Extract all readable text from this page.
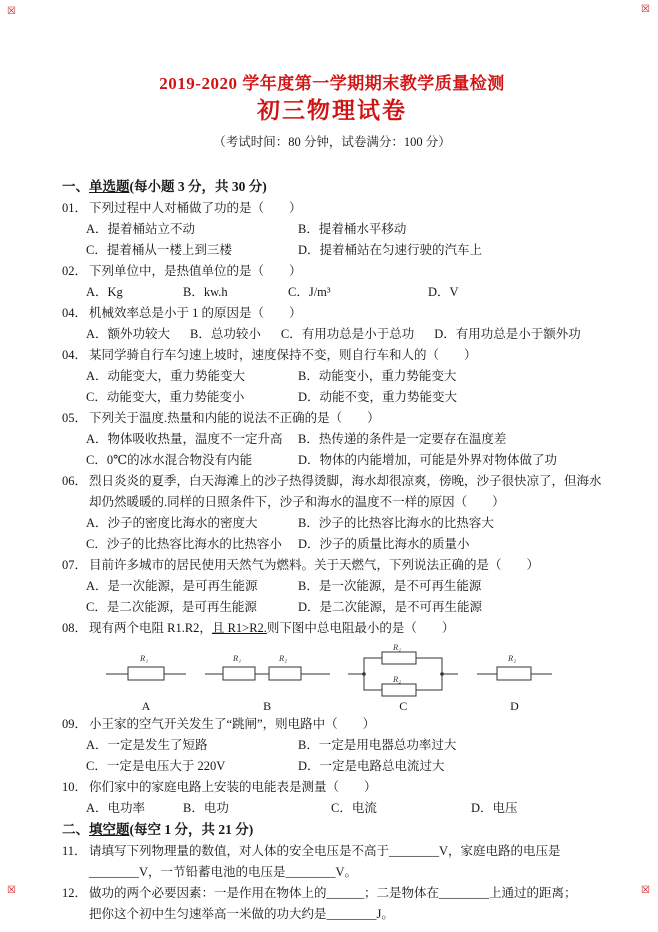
☒	☒
☒	☒
2019-2020 学年度第一学期期末教学质量检测
初三物理试卷
（考试时间：80 分钟，试卷满分：100 分）
一、单选题(每小题 3 分，共 30 分)
01． 下列过程中人对桶做了功的是（　　）
A．提着桶站立不动	B．提着桶水平移动
C．提着桶从一楼上到三楼	D．提着桶站在匀速行驶的汽车上
02． 下列单位中，是热值单位的是（　　）
A．Kg	B．kw.h	C．J/m³	D．V
04． 机械效率总是小于 1 的原因是（　　）
A．额外功较大 B．总功较小 C．有用功总是小于总功 D．有用功总是小于额外功
04． 某同学骑自行车匀速上坡时，速度保持不变，则自行车和人的（　　）
A．动能变大，重力势能变大	B．动能变小，重力势能变大
C．动能变大，重力势能变小	D．动能不变，重力势能变大
05． 下列关于温度.热量和内能的说法不正确的是（　　）
A．物体吸收热量，温度不一定升高	B．热传递的条件是一定要存在温度差
C．0℃的冰水混合物没有内能	D．物体的内能增加，可能是外界对物体做了功
06． 烈日炎炎的夏季，白天海滩上的沙子热得烫脚，海水却很凉爽，傍晚，沙子很快凉了，但海水却仍然暖暖的.同样的日照条件下，沙子和海水的温度不一样的原因（　　）
A．沙子的密度比海水的密度大	B．沙子的比热容比海水的比热容大
C．沙子的比热容比海水的比热容小	D．沙子的质量比海水的质量小
07． 目前许多城市的居民使用天然气为燃料。关于天燃气，下列说法正确的是（　　）
A．是一次能源，是可再生能源	B．是一次能源，是不可再生能源
C．是二次能源，是可再生能源	D．是二次能源，是不可再生能源
08． 现有两个电阻 R1.R2，且 R1>R2.则下图中总电阻最小的是（　　）
R₁
A
R₁	R₂
B
R₁
R₂
C
R₂
D
09． 小王家的空气开关发生了“跳闸”，则电路中（　　）
A．一定是发生了短路	B．一定是用电器总功率过大
C．一定是电压大于 220V	D．一定是电路总电流过大
10． 你们家中的家庭电路上安装的电能表是测量（　　）
A．电功率	B．电功	C．电流	D．电压
二、填空题(每空 1 分，共 21 分)
11． 请填写下列物理量的数值，对人体的安全电压是不高于________V，家庭电路的电压是________V，一节铅蓄电池的电压是________V。
12． 做功的两个必要因素：一是作用在物体上的______；二是物体在________上通过的距离；
把你这个初中生匀速举高一米做的功大约是________J。
